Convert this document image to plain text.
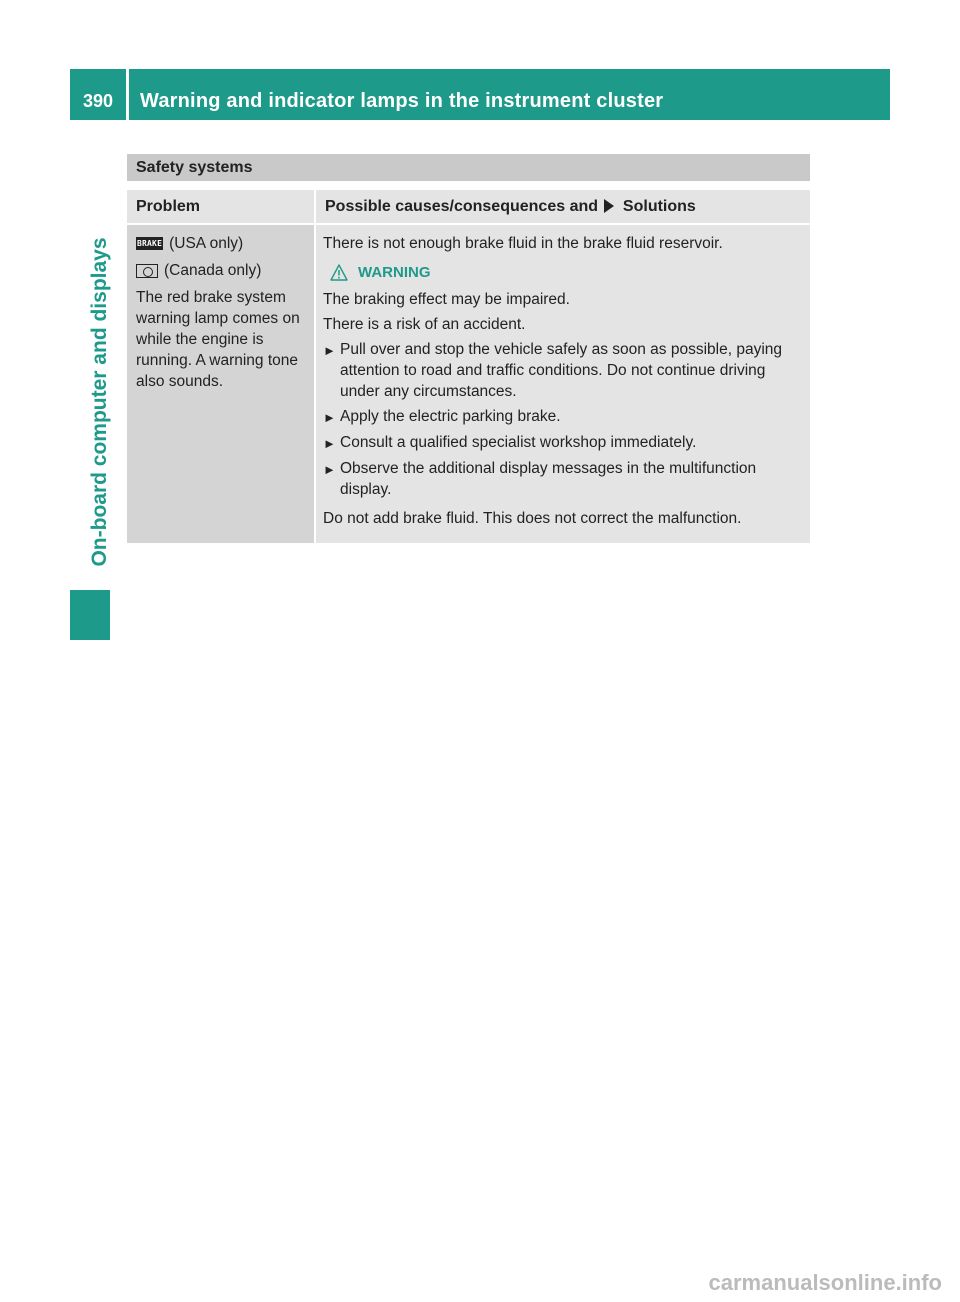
390	Warning and indicator lamps in the instrument cluster
On-board computer and displays
Safety systems
Problem	Possible causes/consequences and Solutions
BRAKE (USA only)
(Canada only)

The red brake system warning lamp comes on while the engine is running. A warning tone also sounds.

There is not enough brake fluid in the brake fluid reservoir.

WARNING

The braking effect may be impaired.

There is a risk of an accident.

► Pull over and stop the vehicle safely as soon as possible, paying attention to road and traffic conditions. Do not continue driving under any circumstances.
► Apply the electric parking brake.
► Consult a qualified specialist workshop immediately.
► Observe the additional display messages in the multifunction display.

Do not add brake fluid. This does not correct the malfunction.

carmanualsonline.info
